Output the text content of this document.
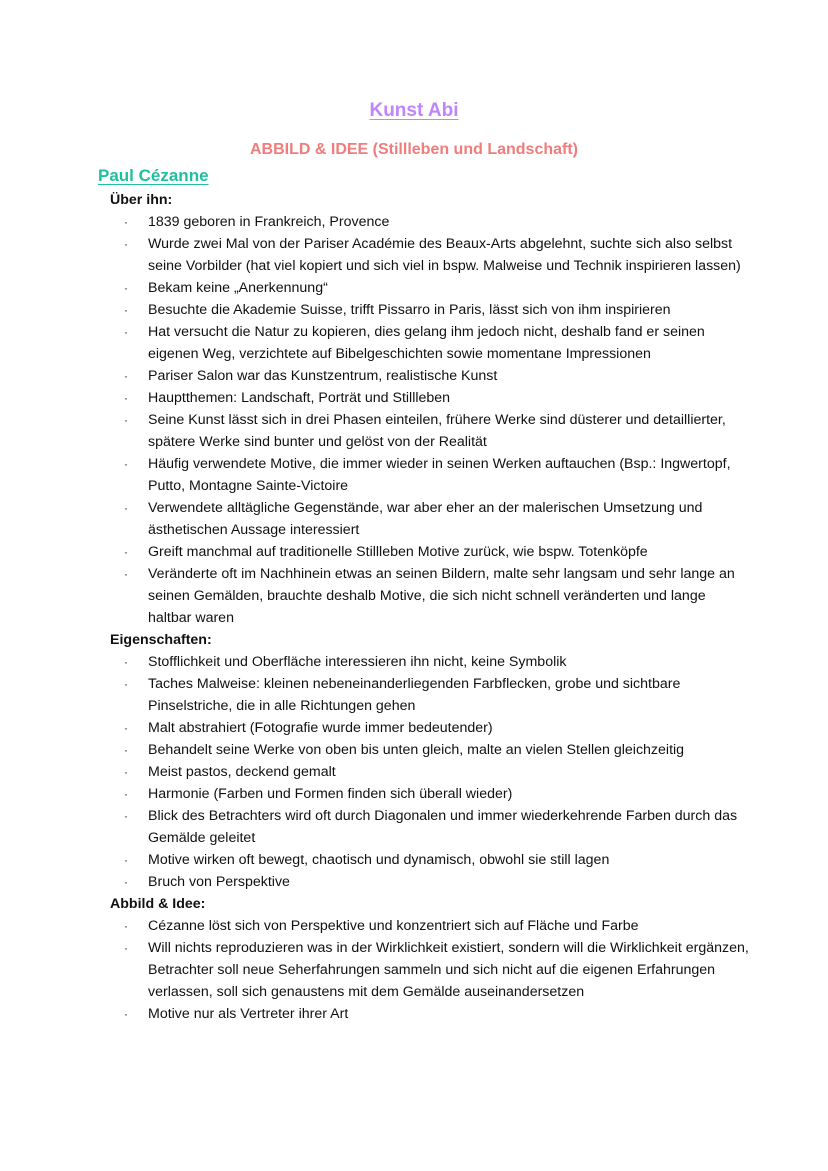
Kunst Abi
ABBILD & IDEE (Stillleben und Landschaft)
Paul Cézanne
Über ihn:
· 1839 geboren in Frankreich, Provence
· Wurde zwei Mal von der Pariser Académie des Beaux-Arts abgelehnt, suchte sich also selbst seine Vorbilder (hat viel kopiert und sich viel in bspw. Malweise und Technik inspirieren lassen)
· Bekam keine „Anerkennung“
· Besuchte die Akademie Suisse, trifft Pissarro in Paris, lässt sich von ihm inspirieren
· Hat versucht die Natur zu kopieren, dies gelang ihm jedoch nicht, deshalb fand er seinen eigenen Weg, verzichtete auf Bibelgeschichten sowie momentane Impressionen
· Pariser Salon war das Kunstzentrum, realistische Kunst
· Hauptthemen: Landschaft, Porträt und Stillleben
· Seine Kunst lässt sich in drei Phasen einteilen, frühere Werke sind düsterer und detaillierter, spätere Werke sind bunter und gelöst von der Realität
· Häufig verwendete Motive, die immer wieder in seinen Werken auftauchen (Bsp.: Ingwertopf, Putto, Montagne Sainte-Victoire
· Verwendete alltägliche Gegenstände, war aber eher an der malerischen Umsetzung und ästhetischen Aussage interessiert
· Greift manchmal auf traditionelle Stillleben Motive zurück, wie bspw. Totenköpfe
· Veränderte oft im Nachhinein etwas an seinen Bildern, malte sehr langsam und sehr lange an seinen Gemälden, brauchte deshalb Motive, die sich nicht schnell veränderten und lange haltbar waren
Eigenschaften:
· Stofflichkeit und Oberfläche interessieren ihn nicht, keine Symbolik
· Taches Malweise: kleinen nebeneinanderliegenden Farbflecken, grobe und sichtbare Pinselstriche, die in alle Richtungen gehen
· Malt abstrahiert (Fotografie wurde immer bedeutender)
· Behandelt seine Werke von oben bis unten gleich, malte an vielen Stellen gleichzeitig
· Meist pastos, deckend gemalt
· Harmonie (Farben und Formen finden sich überall wieder)
· Blick des Betrachters wird oft durch Diagonalen und immer wiederkehrende Farben durch das Gemälde geleitet
· Motive wirken oft bewegt, chaotisch und dynamisch, obwohl sie still lagen
· Bruch von Perspektive
Abbild & Idee:
· Cézanne löst sich von Perspektive und konzentriert sich auf Fläche und Farbe
· Will nichts reproduzieren was in der Wirklichkeit existiert, sondern will die Wirklichkeit ergänzen, Betrachter soll neue Seherfahrungen sammeln und sich nicht auf die eigenen Erfahrungen verlassen, soll sich genaustens mit dem Gemälde auseinandersetzen
· Motive nur als Vertreter ihrer Art
